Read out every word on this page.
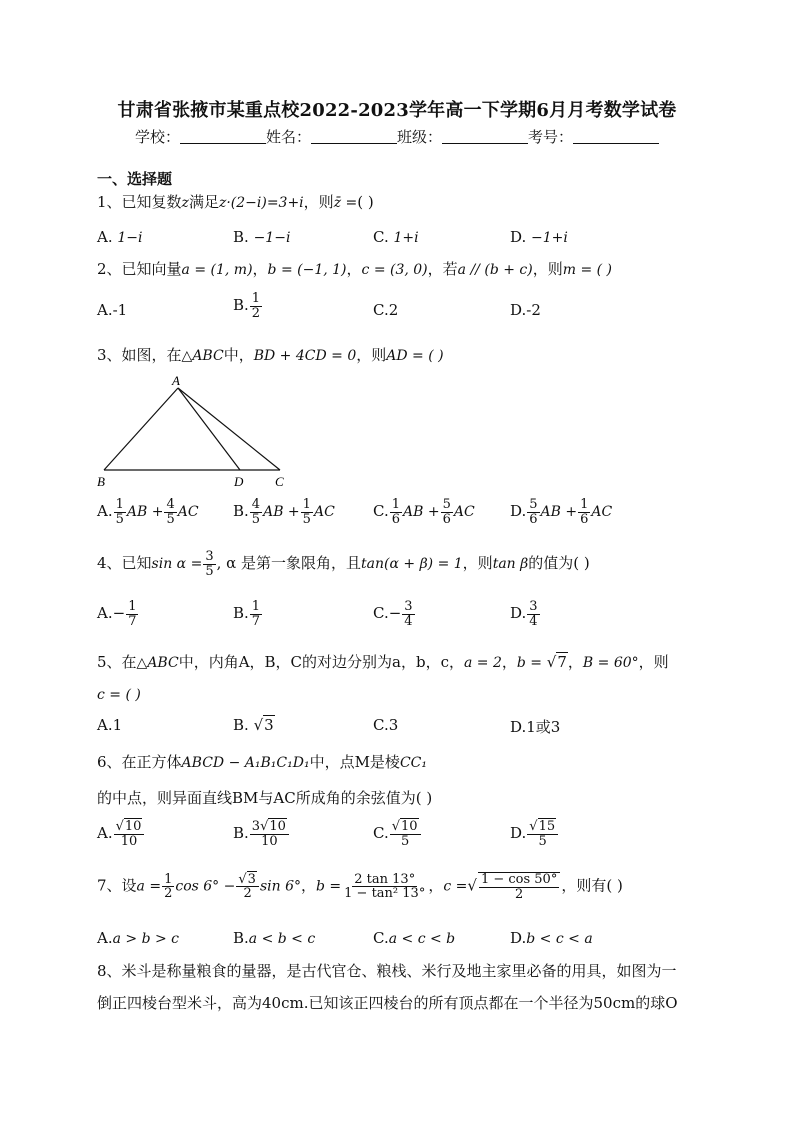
甘肃省张掖市某重点校2022-2023学年高一下学期6月月考数学试卷
学校：	姓名：	班级：	考号：
一、选择题
1、已知复数z满足z·(2−i)=3+i，则z̄ =( )
A. 1−i	B. −1−i	C. 1+i	D. −1+i
2、已知向量a = (1, m)，b = (−1, 1)，c = (3, 0)，若a // (b + c)，则m = ( )
A.-1	B. $\frac{1}{2}$	C.2	D.-2
3、如图，在△ABC中，BD + 4CD = 0，则AD = ( )
A
B	D C
A. $\frac{1}{5}$ AB + $\frac{4}{5}$ AC B. $\frac{4}{5}$ AB + $\frac{1}{5}$ AC	C. $\frac{1}{6}$ AB + $\frac{5}{6}$ AC D. $\frac{5}{6}$ AB + $\frac{1}{6}$ AC
4、已知$\sin \alpha = \frac{3}{5}$ , α 是第一象限角，且tan(α + β) = 1，则tan β的值为( )
$A.- \frac{1}{7}$	B. $\frac{1}{7}$	$C.- \frac{3}{4}$	D. $\frac{3}{4}$
5、在△ABC中，内角A，B，C的对边分别为a，b，c，a = 2，b = √7，B = 60°，则
c = ( )
A.1	B. √3	C.3	D.1或3
6、在正方体ABCD − A₁B₁C₁D₁中，点M是棱CC₁
的中点，则异面直线BM与AC所成角的余弦值为( )
A. $\frac{√10}{10}$	B. $\frac{3√10}{10}$	C. $\frac{√10}{5}$	D. $\frac{√15}{5}$
7、设$a = \frac{1}{2}$ $\cos 6^\circ - \frac{√3}{2}$ sin 6°，$b = \frac{2 \tan 13^\circ}{\text{1 − tan² 13°}}$ ，c =√ $\frac{1 - \cos 50^\circ}{2}$ ，则有( )
A.a > b > c	B.a < b < c	C.a < c < b	D.b < c < a
8、米斗是称量粮食的量器，是古代官仓、粮栈、米行及地主家里必备的用具，如图为一
倒正四棱台型米斗，高为40cm.已知该正四棱台的所有顶点都在一个半径为50cm的球O
